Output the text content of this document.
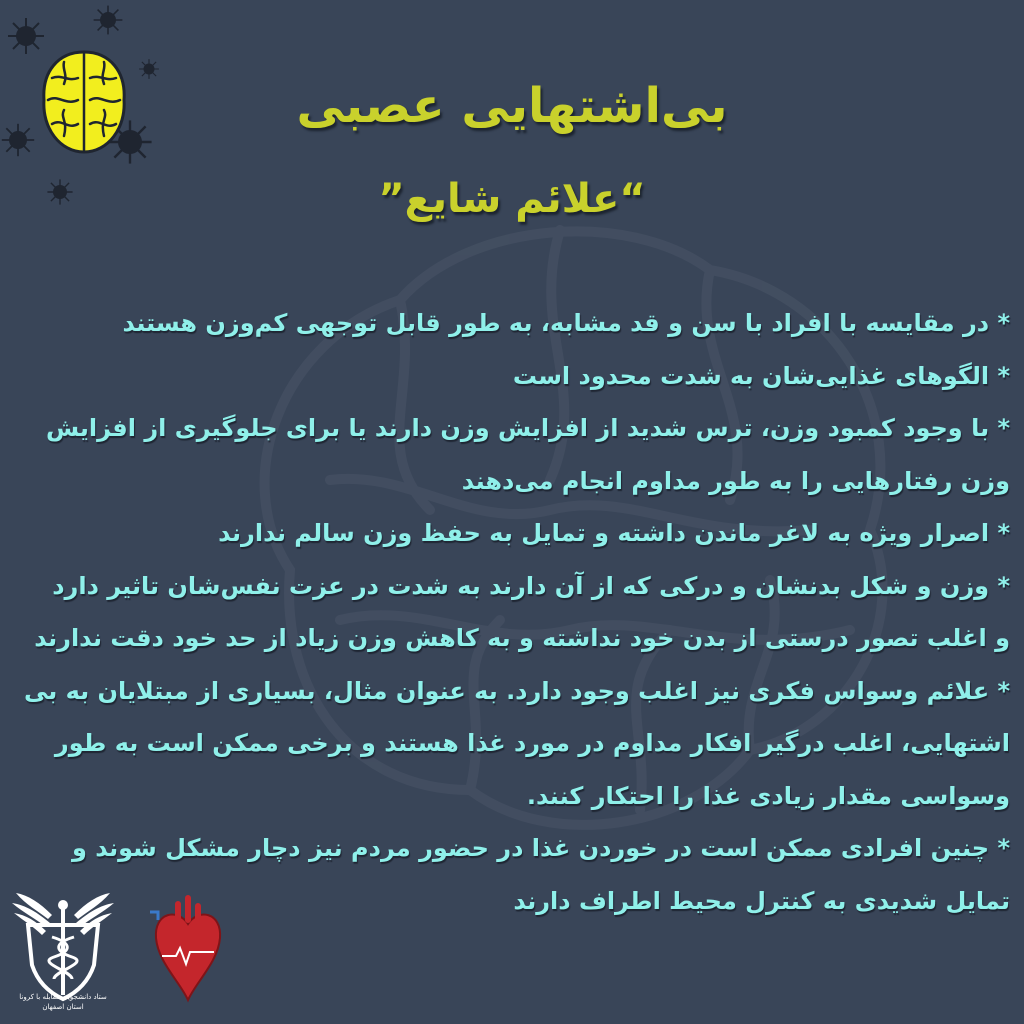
بی‌اشتهایی عصبی
“علائم شایع”
* در مقایسه با افراد با سن و قد مشابه، به طور قابل توجهی کم‌وزن هستند
* الگوهای غذایی‌شان به شدت محدود است
* با وجود کمبود وزن، ترس شدید از افزایش وزن دارند یا برای جلوگیری از افزایش
وزن رفتارهایی را به طور مداوم انجام می‌دهند
* اصرار ویژه به لاغر ماندن داشته و تمایل به حفظ وزن سالم ندارند
* وزن و شکل بدنشان و درکی که از آن دارند به شدت در عزت نفس‌شان تاثیر دارد
و اغلب تصور درستی از بدن خود نداشته و به کاهش وزن زیاد از حد خود دقت ندارند
* علائم وسواس فکری نیز اغلب وجود دارد. به عنوان مثال، بسیاری از مبتلایان به بی
اشتهایی، اغلب درگیر افکار مداوم در مورد غذا هستند و برخی ممکن است به طور
وسواسی مقدار زیادی غذا را احتکار کنند.
* چنین افرادی ممکن است در خوردن غذا در حضور مردم نیز دچار مشکل شوند و
تمایل شدیدی به کنترل محیط اطراف دارند
ستاد دانشجویی مقابله با کرونا استان اصفهان
